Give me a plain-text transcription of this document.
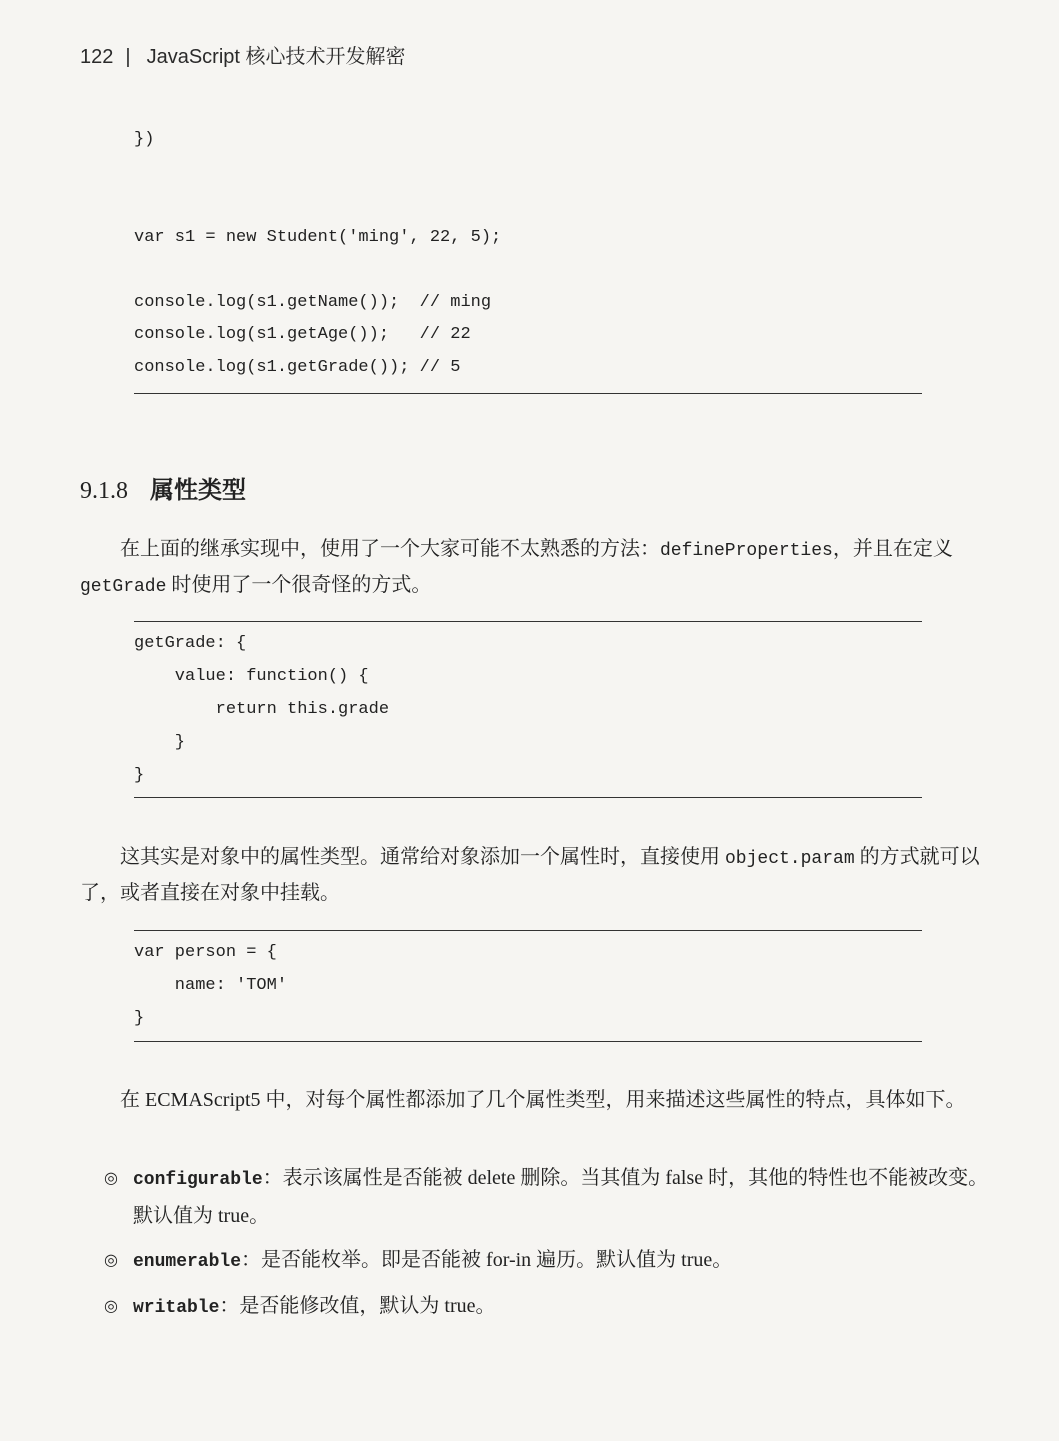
122 | JavaScript 核心技术开发解密
})

var s1 = new Student('ming', 22, 5);

console.log(s1.getName());  // ming
console.log(s1.getAge());   // 22
console.log(s1.getGrade()); // 5
9.1.8 属性类型

在上面的继承实现中，使用了一个大家可能不太熟悉的方法：defineProperties，并且在定义 getGrade 时使用了一个很奇怪的方式。

getGrade: {
value: function() {
return this.grade
}
}

这其实是对象中的属性类型。通常给对象添加一个属性时，直接使用 object.param 的方式就可以了，或者直接在对象中挂载。

var person = {
name: 'TOM'
}

在 ECMAScript5 中，对每个属性都添加了几个属性类型，用来描述这些属性的特点，具体如下。

◎ configurable：表示该属性是否能被 delete 删除。当其值为 false 时，其他的特性也不能被改变。默认值为 true。
◎ enumerable：是否能枚举。即是否能被 for-in 遍历。默认值为 true。
◎ writable：是否能修改值，默认为 true。
